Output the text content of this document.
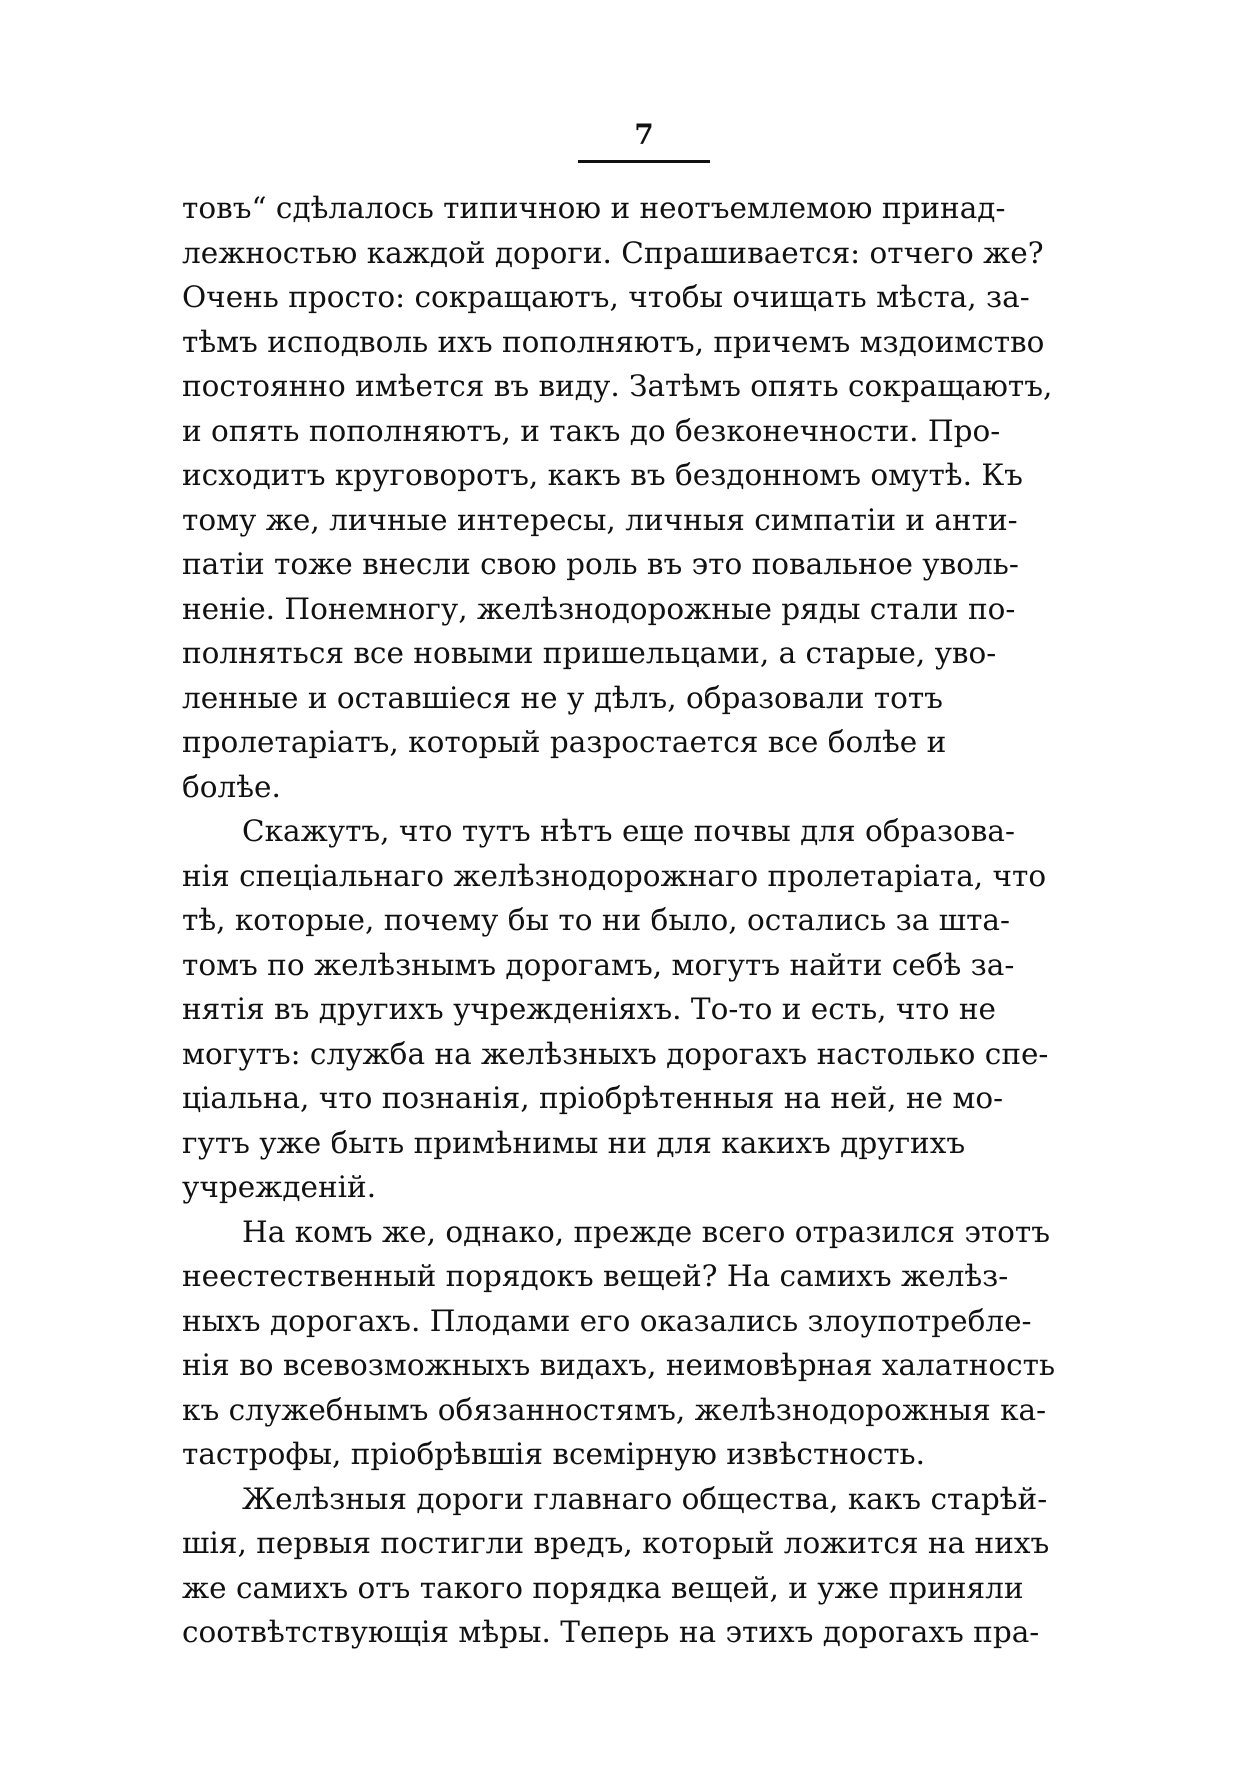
7
товъ“ сдѣлалось типичною и неотъемлемою принад-
лежностью каждой дороги. Спрашивается: отчего же?
Очень просто: сокращаютъ, чтобы очищать мѣста, за-
тѣмъ исподволь ихъ пополняютъ, причемъ мздоимство
постоянно имѣется въ виду. Затѣмъ опять сокращаютъ,
и опять пополняютъ, и такъ до безконечности. Про-
исходитъ круговоротъ, какъ въ бездонномъ омутѣ. Къ
тому же, личные интересы, личныя симпатіи и анти-
патіи тоже внесли свою роль въ это повальное уволь-
неніе. Понемногу, желѣзнодорожные ряды стали по-
полняться все новыми пришельцами, а старые, уво-
ленные и оставшіеся не у дѣлъ, образовали тотъ
пролетаріатъ, который разростается все болѣе и
болѣе.
Скажутъ, что тутъ нѣтъ еще почвы для образова-
нія спеціальнаго желѣзнодорожнаго пролетаріата, что
тѣ, которые, почему бы то ни было, остались за шта-
томъ по желѣзнымъ дорогамъ, могутъ найти себѣ за-
нятія въ другихъ учрежденіяхъ. То-то и есть, что не
могутъ: служба на желѣзныхъ дорогахъ настолько спе-
ціальна, что познанія, пріобрѣтенныя на ней, не мо-
гутъ уже быть примѣнимы ни для какихъ другихъ
учрежденій.
На комъ же, однако, прежде всего отразился этотъ
неестественный порядокъ вещей? На самихъ желѣз-
ныхъ дорогахъ. Плодами его оказались злоупотребле-
нія во всевозможныхъ видахъ, неимовѣрная халатность
къ служебнымъ обязанностямъ, желѣзнодорожныя ка-
тастрофы, пріобрѣвшія всемірную извѣстность.
Желѣзныя дороги главнаго общества, какъ старѣй-
шія, первыя постигли вредъ, который ложится на нихъ
же самихъ отъ такого порядка вещей, и уже приняли
соотвѣтствующія мѣры. Теперь на этихъ дорогахъ пра-
